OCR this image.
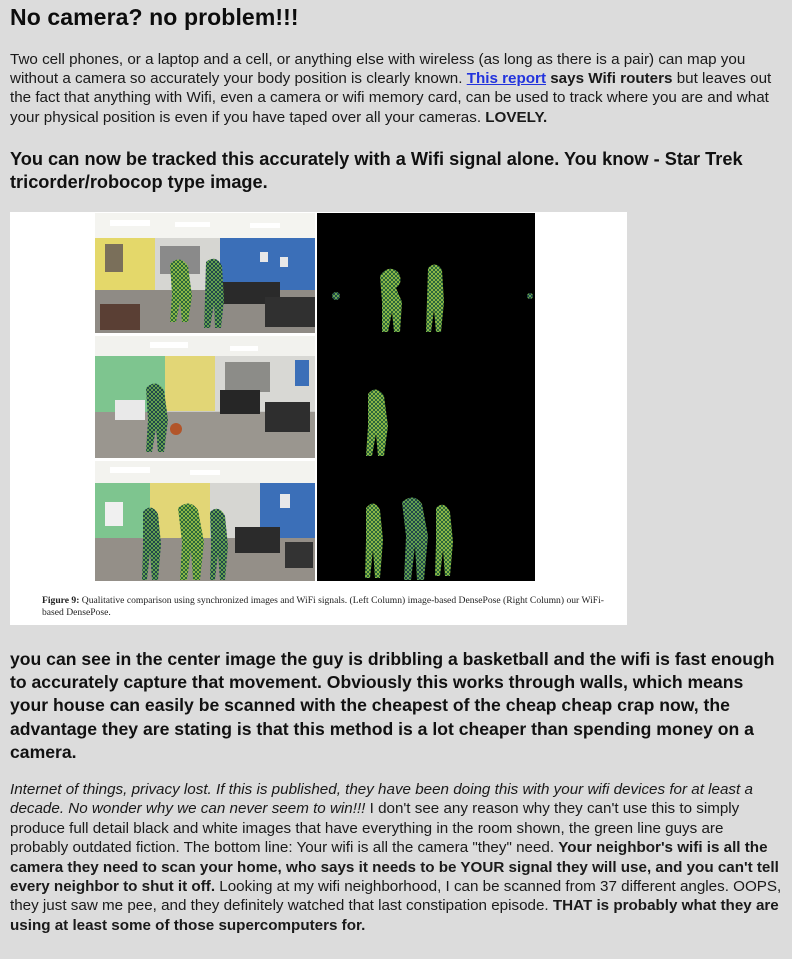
No camera? no problem!!!

Two cell phones, or a laptop and a cell, or anything else with wireless (as long as there is a pair) can map you without a camera so accurately your body position is clearly known. This report says Wifi routers but leaves out the fact that anything with Wifi, even a camera or wifi memory card, can be used to track where you are and what your physical position is even if you have taped over all your cameras. LOVELY.

You can now be tracked this accurately with a Wifi signal alone. You know - Star Trek tricorder/robocop type image.

Figure 9: Qualitative comparison using synchronized images and WiFi signals. (Left Column) image-based DensePose (Right Column) our WiFi-based DensePose.

you can see in the center image the guy is dribbling a basketball and the wifi is fast enough to accurately capture that movement. Obviously this works through walls, which means your house can easily be scanned with the cheapest of the cheap cheap crap now, the advantage they are stating is that this method is a lot cheaper than spending money on a camera.

Internet of things, privacy lost. If this is published, they have been doing this with your wifi devices for at least a decade. No wonder why we can never seem to win!!! I don't see any reason why they can't use this to simply produce full detail black and white images that have everything in the room shown, the green line guys are probably outdated fiction. The bottom line: Your wifi is all the camera "they" need. Your neighbor's wifi is all the camera they need to scan your home, who says it needs to be YOUR signal they will use, and you can't tell every neighbor to shut it off. Looking at my wifi neighborhood, I can be scanned from 37 different angles. OOPS, they just saw me pee, and they definitely watched that last constipation episode. THAT is probably what they are using at least some of those supercomputers for.
